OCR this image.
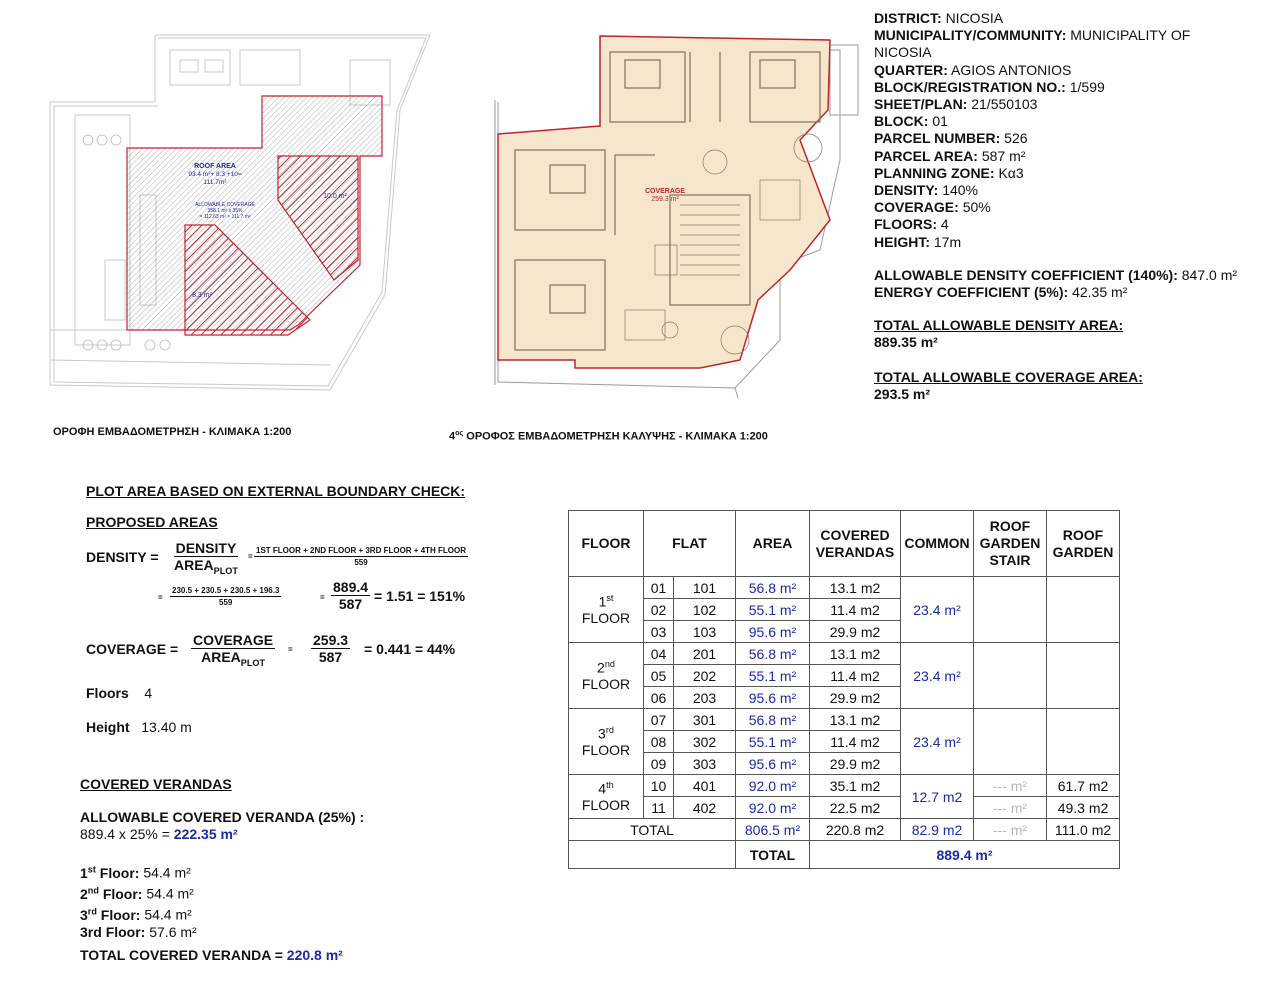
ROOF AREA
93.4 m²+ 8.3 +10=
111.7m²
ALLOWABLE COVERAGE
358.1 m² x 35%
= 112.63 m² > 111.7 m²
10.0 m²
8.3 m²
COVERAGE
259.3 m²
ΟΡΟΦΗ ΕΜΒΑΔΟΜΕΤΡΗΣΗ - ΚΛΙΜΑΚΑ 1:200	$4^{o\varsigma}$ ΟΡΟΦΟΣ ΕΜΒΑΔΟΜΕΤΡΗΣΗ ΚΑΛΥΨΗΣ - ΚΛΙΜΑΚΑ 1:200
DISTRICT: NICOSIA
MUNICIPALITY/COMMUNITY: MUNICIPALITY OF
NICOSIA
QUARTER: AGIOS ANTONIOS
BLOCK/REGISTRATION NO.: 1/599
SHEET/PLAN: 21/550103
BLOCK: 01
PARCEL NUMBER: 526
PARCEL AREA: 587 m²
PLANNING ZONE: Kα3
DENSITY: 140%
COVERAGE: 50%
FLOORS: 4
HEIGHT: 17m
ALLOWABLE DENSITY COEFFICIENT (140%): 847.0 m²
ENERGY COEFFICIENT (5%): 42.35 m²
TOTAL ALLOWABLE DENSITY AREA:
889.35 m²
TOTAL ALLOWABLE COVERAGE AREA:
293.5 m²
PLOT AREA BASED ON EXTERNAL BOUNDARY CHECK:
PROPOSED AREAS
DENSITY = $\frac{\text{DENSITY}}{AREA_{PLOT}} = \frac{\text{1ST FLOOR + 2ND FLOOR + 3RD FLOOR + 4TH FLOOR}}{559}$
= $\frac{230.5 + 230.5 + 230.5 + 196.3}{559}$	= $\frac{889.4}{587} = 1.51 = 151\%$
COVERAGE = $\frac{\text{COVERAGE}}{AREA_{PLOT}} = \frac{259.3}{587} = 0.441 = 44\%$
Floors 4
Height 13.40 m
COVERED VERANDAS
ALLOWABLE COVERED VERANDA (25%) :
889.4 x 25% = 222.35 m²
1st Floor: 54.4 m²
2nd Floor: 54.4 m²
3rd Floor: 54.4 m²
3rd Floor: 57.6 m²
TOTAL COVERED VERANDA = 220.8 m²
FLOOR	FLAT		AREA	COVERED VERANDAS	COMMON	ROOF GARDEN STAIR	ROOF GARDEN
1st
FLOOR	01	101	56.8 m²	13.1 m2	23.4 m²		
	02	102	55.1 m²	11.4 m2			
	03	103	95.6 m²	29.9 m2			
2nd
FLOOR	04	201	56.8 m²	13.1 m2	23.4 m²		
	05	202	55.1 m²	11.4 m2			
	06	203	95.6 m²	29.9 m2			
3rd
FLOOR	07	301	56.8 m²	13.1 m2	23.4 m²		
	08	302	55.1 m²	11.4 m2			
	09	303	95.6 m²	29.9 m2			
4th
FLOOR	10	401	92.0 m²	35.1 m2	12.7 m2	--- m²	61.7 m2
	11	402	92.0 m²	22.5 m2		--- m²	49.3 m2
TOTAL			806.5 m²	220.8 m2	82.9 m2	--- m²	111.0 m2
			TOTAL	889.4 m²			
